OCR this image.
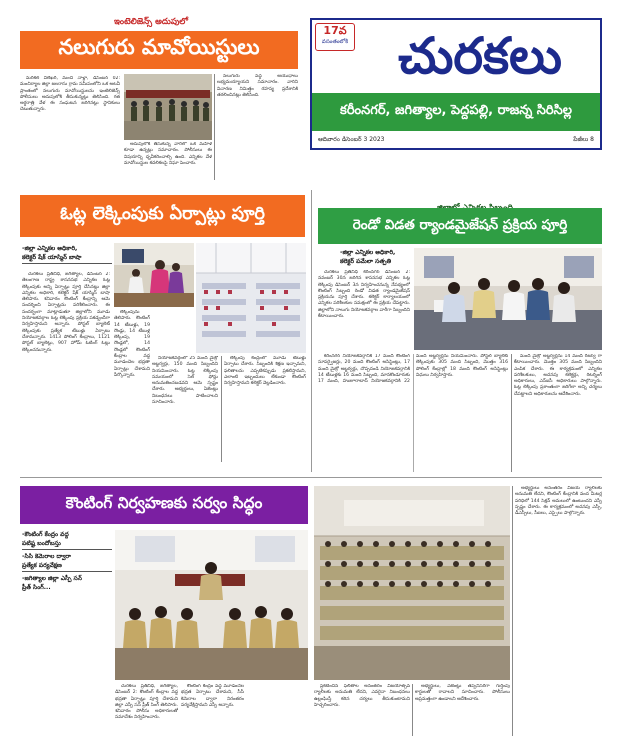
ఇంటెలిజెన్స్ అదుపులో
నలుగురు మావోయిస్టులు

మరికల్ విలేఖరి, మంచి నాళ్లా, డిసెంబర్ 02: మంచిర్యాల జిల్లా జలరాసు గ్రామ సమీపంలోని ఒక అటవీ ప్రాంతంలో నలుగురు మావోయిస్టులను ఇంటెలిజెన్స్ పోలీసులు అదుపులోకి తీసుకున్నట్లు తెలిసింది. గత అర్ధరాత్రి వేళ ఈ సంఘటన జరిగినట్లు స్థానికులు చెబుతున్నారు.

అదుపులోకి తీసుకున్న వారిలో ఒక మహిళ కూడా ఉన్నట్లు సమాచారం. పోలీసులు ఈ విషయాన్ని ధృవీకరించాల్సి ఉంది. ఎన్నికల వేళ మావోయిస్టుల కదలికలపై నిఘా పెంచారు.

నలుగురు వద్ద ఆయుధాలు లభ్యమయ్యాయని సమాచారం. వారిని విచారణ నిమిత్తం రహస్య ప్రదేశానికి తరలించినట్లు తెలిసింది.

17వ
వసంతంలోకి	చురకలు
కరీంనగర్, జగిత్యాల, పెద్దపల్లి, రాజన్న సిరిసిల్ల
ఆదివారం డిసెంబర్ 3 2023	పేజీలు 8
ఓట్ల లెక్కింపుకు ఏర్పాట్లు పూర్తి
-జిల్లా ఎన్నికల అధికారి,
కలెక్టర్ షేక్ యాస్మిన్ బాషా

చురకలు ప్రతినిధి, జగిత్యాల, డిసెంబర్ 2: తెలంగాణ రాష్ట్ర శాసనసభ ఎన్నికల ఓట్ల లెక్కింపుకు అన్ని ఏర్పాట్లు పూర్తి చేసినట్లు జిల్లా ఎన్నికల అధికారి, కలెక్టర్ షేక్ యాస్మిన్ బాషా తెలిపారు. శనివారం కౌంటింగ్ కేంద్రాన్ని ఆమె సందర్శించి ఏర్పాట్లను పరిశీలించారు. ఈ సందర్భంగా మాట్లాడుతూ జిల్లాలోని మూడు నియోజకవర్గాల ఓట్ల లెక్కింపు ప్రక్రియ పకడ్బందీగా నిర్వహిస్తామని అన్నారు. పోస్టల్ బ్యాలెట్ లెక్కింపుకు ప్రత్యేక టేబుళ్లు ఏర్పాటు చేశామన్నారు. 1413 పోలింగ్ కేంద్రాలు, 1121 పోస్టల్ బ్యాలెట్లు, 907 హోమ్ ఓటింగ్ ఓట్లు లెక్కించనున్నారు.

లెక్కింపును తెలిపారు. కౌంటింగ్ 14 టేబుళ్లు, 19 రౌండ్లు, 14 టేబుళ్ల లెక్కింపు, 19 రౌండ్లలో, 14 రౌండ్లలో కౌంటింగ్ కేంద్రాల వద్ద మూడంచెల భద్రతా ఏర్పాట్లు చేశామని పేర్కొన్నారు.

నియోజకవర్గంలో 25 మంది మైక్రో అబ్జర్వర్లు, 150 మంది సిబ్బందిని నియమించారు. ఓట్ల లెక్కింపు సమయంలో సెల్ ఫోన్లు అనుమతించబడవని ఆమె స్పష్టం చేశారు. అభ్యర్థులు, ఏజెంట్లు నిబంధనలు పాటించాలని సూచించారు.

లెక్కింపు కేంద్రంలో మూడు టేబుళ్లు ఏర్పాటు చేశారు. సిబ్బందికి శిక్షణ ఇచ్చామని, ఫలితాలను ఎప్పటికప్పుడు ప్రకటిస్తామని, ఎలాంటి ఇబ్బందులు లేకుండా కౌంటింగ్ నిర్వహిస్తామని కలెక్టర్ వెల్లడించారు.

రెండో విడత ర్యాండమైజేషన్ ప్రక్రియ పూర్తి
-జిల్లా ఎన్నికల అధికారి,
కలెక్టర్ పమేలా సత్పతి

చురకలు ప్రతినిధి కరీంనగర్ డిసెంబర్ 2: నవంబర్ 30న జరిగిన శాసనసభ ఎన్నికల ఓట్ల లెక్కింపు డిసెంబర్ 3న నిర్వహించనున్న నేపథ్యంలో కౌంటింగ్ సిబ్బంది రెండో విడత ర్యాండమైజేషన్ ప్రక్రియను పూర్తి చేశారు. కలెక్టర్ కార్యాలయంలో ఎన్నికల పరిశీలకుల సమక్షంలో ఈ ప్రక్రియ చేపట్టారు. జిల్లాలోని నాలుగు నియోజకవర్గాల వారీగా సిబ్బందిని కేటాయించారు.

కరీంనగర్ నియోజకవర్గానికి 17 మంది కౌంటింగ్ సూపర్వైజర్లు, 20 మంది కౌంటింగ్ అసిస్టెంట్లు, 17 మంది మైక్రో అబ్జర్వర్లు, చొప్పదండి నియోజకవర్గానికి 14 టేబుళ్లకు 16 మంది సిబ్బంది, మానకొండూరుకు 17 మంది, హుజూరాబాద్ నియోజకవర్గానికి 22 మంది అబ్జర్వర్లను నియమించారు. పోస్టల్ బ్యాలెట్ లెక్కింపుకు 305 మంది సిబ్బంది, మొత్తం 316 పోలింగ్ కేంద్రాల్లో 18 మంది కౌంటింగ్ అసిస్టెంట్లు విధులు నిర్వహిస్తారు.

మంది మైక్రో అబ్జర్వర్లను 14 మంది రిజర్వ్ గా కేటాయించారు. మొత్తం 305 మంది సిబ్బందిని ఎంపిక చేశారు. ఈ కార్యక్రమంలో ఎన్నికల పరిశీలకులు, అదనపు కలెక్టర్లు, రిటర్నింగ్ అధికారులు, ఎన్ఐసీ అధికారులు పాల్గొన్నారు. ఓట్ల లెక్కింపు ప్రశాంతంగా జరిగేలా అన్ని చర్యలు చేపట్టాలని అధికారులను ఆదేశించారు.

కౌంటింగ్ నిర్వహణకు సర్వం సిద్ధం
-కౌంటింగ్ కేంద్రం వద్ద
పటిష్ట బందోబస్తు
-సిసి కెమెరాల ద్వారా
ప్రత్యేక పర్యవేక్షణ
-జగిత్యాల జిల్లా ఎస్పీ సన్
ప్రీత్ సింగ్...

అభ్యర్థులు అనంతరం విజయ ర్యాలీలకు అనుమతి లేదని, కౌంటింగ్ కేంద్రానికి వంద మీటర్ల పరిధిలో 144 సెక్షన్ అమలులో ఉంటుందని ఎస్పీ స్పష్టం చేశారు. ఈ కార్యక్రమంలో అదనపు ఎస్పీ, డీఎస్పీలు, సీఐలు, ఎస్సైలు పాల్గొన్నారు.

చురకలు ప్రతినిధి, జగిత్యాల, డిసెంబర్ 2: కౌంటింగ్ కేంద్రాల వద్ద భద్రతా ఏర్పాట్లు పూర్తి చేశామని జిల్లా ఎస్పీ సన్ ప్రీత్ సింగ్ తెలిపారు. శనివారం పోలీసు అధికారులతో సమావేశం నిర్వహించారు.

కౌంటింగ్ కేంద్రం వద్ద మూడంచెల భద్రత ఏర్పాటు చేశామని, సీసీ కెమెరాల ద్వారా నిరంతరం పర్యవేక్షిస్తామని ఎస్పీ అన్నారు.

ప్రకటించిన ఫలితాల అనంతరం విజయోత్సవ ర్యాలీలకు అనుమతి లేదని, ఎవరైనా నిబంధనలు ఉల్లంఘిస్తే కఠిన చర్యలు తీసుకుంటామని హెచ్చరించారు.

అభ్యర్థులు, ఏజెంట్లు తప్పనిసరిగా గుర్తింపు కార్డులతో రావాలని సూచించారు. పోలీసులు అప్రమత్తంగా ఉండాలని ఆదేశించారు.
